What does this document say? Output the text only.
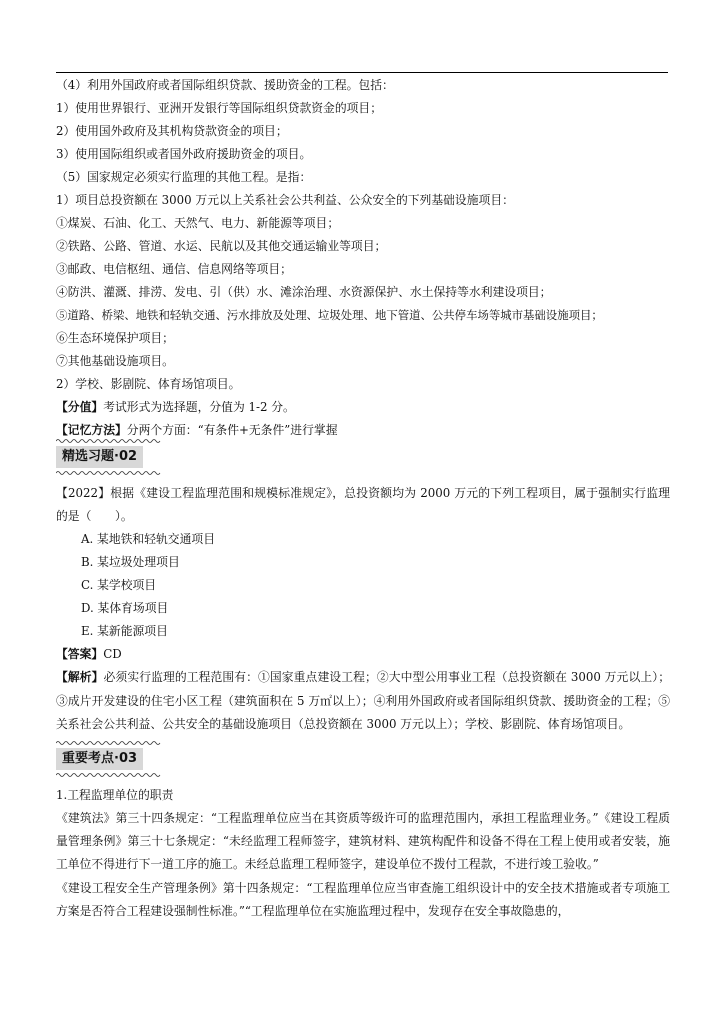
（4）利用外国政府或者国际组织贷款、援助资金的工程。包括：
1）使用世界银行、亚洲开发银行等国际组织贷款资金的项目；
2）使用国外政府及其机构贷款资金的项目；
3）使用国际组织或者国外政府援助资金的项目。
（5）国家规定必须实行监理的其他工程。是指：
1）项目总投资额在 3000 万元以上关系社会公共利益、公众安全的下列基础设施项目：
①煤炭、石油、化工、天然气、电力、新能源等项目；
②铁路、公路、管道、水运、民航以及其他交通运输业等项目；
③邮政、电信枢纽、通信、信息网络等项目；
④防洪、灌溉、排涝、发电、引（供）水、滩涂治理、水资源保护、水土保持等水利建设项目；
⑤道路、桥梁、地铁和轻轨交通、污水排放及处理、垃圾处理、地下管道、公共停车场等城市基础设施项目；
⑥生态环境保护项目；
⑦其他基础设施项目。
2）学校、影剧院、体育场馆项目。
【分值】考试形式为选择题，分值为 1-2 分。
【记忆方法】分两个方面：“有条件+无条件”进行掌握
精选习题·02
【2022】根据《建设工程监理范围和规模标准规定》，总投资额均为 2000 万元的下列工程项目，属于强制实行监理的是（　　）。
A. 某地铁和轻轨交通项目
B. 某垃圾处理项目
C. 某学校项目
D. 某体育场项目
E. 某新能源项目
【答案】CD
【解析】必须实行监理的工程范围有：①国家重点建设工程；②大中型公用事业工程（总投资额在 3000 万元以上）；③成片开发建设的住宅小区工程（建筑面积在 5 万㎡以上）；④利用外国政府或者国际组织贷款、援助资金的工程；⑤关系社会公共利益、公共安全的基础设施项目（总投资额在 3000 万元以上）；学校、影剧院、体育场馆项目。
重要考点·03
1.工程监理单位的职责
《建筑法》第三十四条规定：“工程监理单位应当在其资质等级许可的监理范围内，承担工程监理业务。”《建设工程质量管理条例》第三十七条规定：“未经监理工程师签字，建筑材料、建筑构配件和设备不得在工程上使用或者安装，施工单位不得进行下一道工序的施工。未经总监理工程师签字，建设单位不拨付工程款，不进行竣工验收。”
《建设工程安全生产管理条例》第十四条规定：“工程监理单位应当审查施工组织设计中的安全技术措施或者专项施工方案是否符合工程建设强制性标准。”“工程监理单位在实施监理过程中，发现存在安全事故隐患的，
